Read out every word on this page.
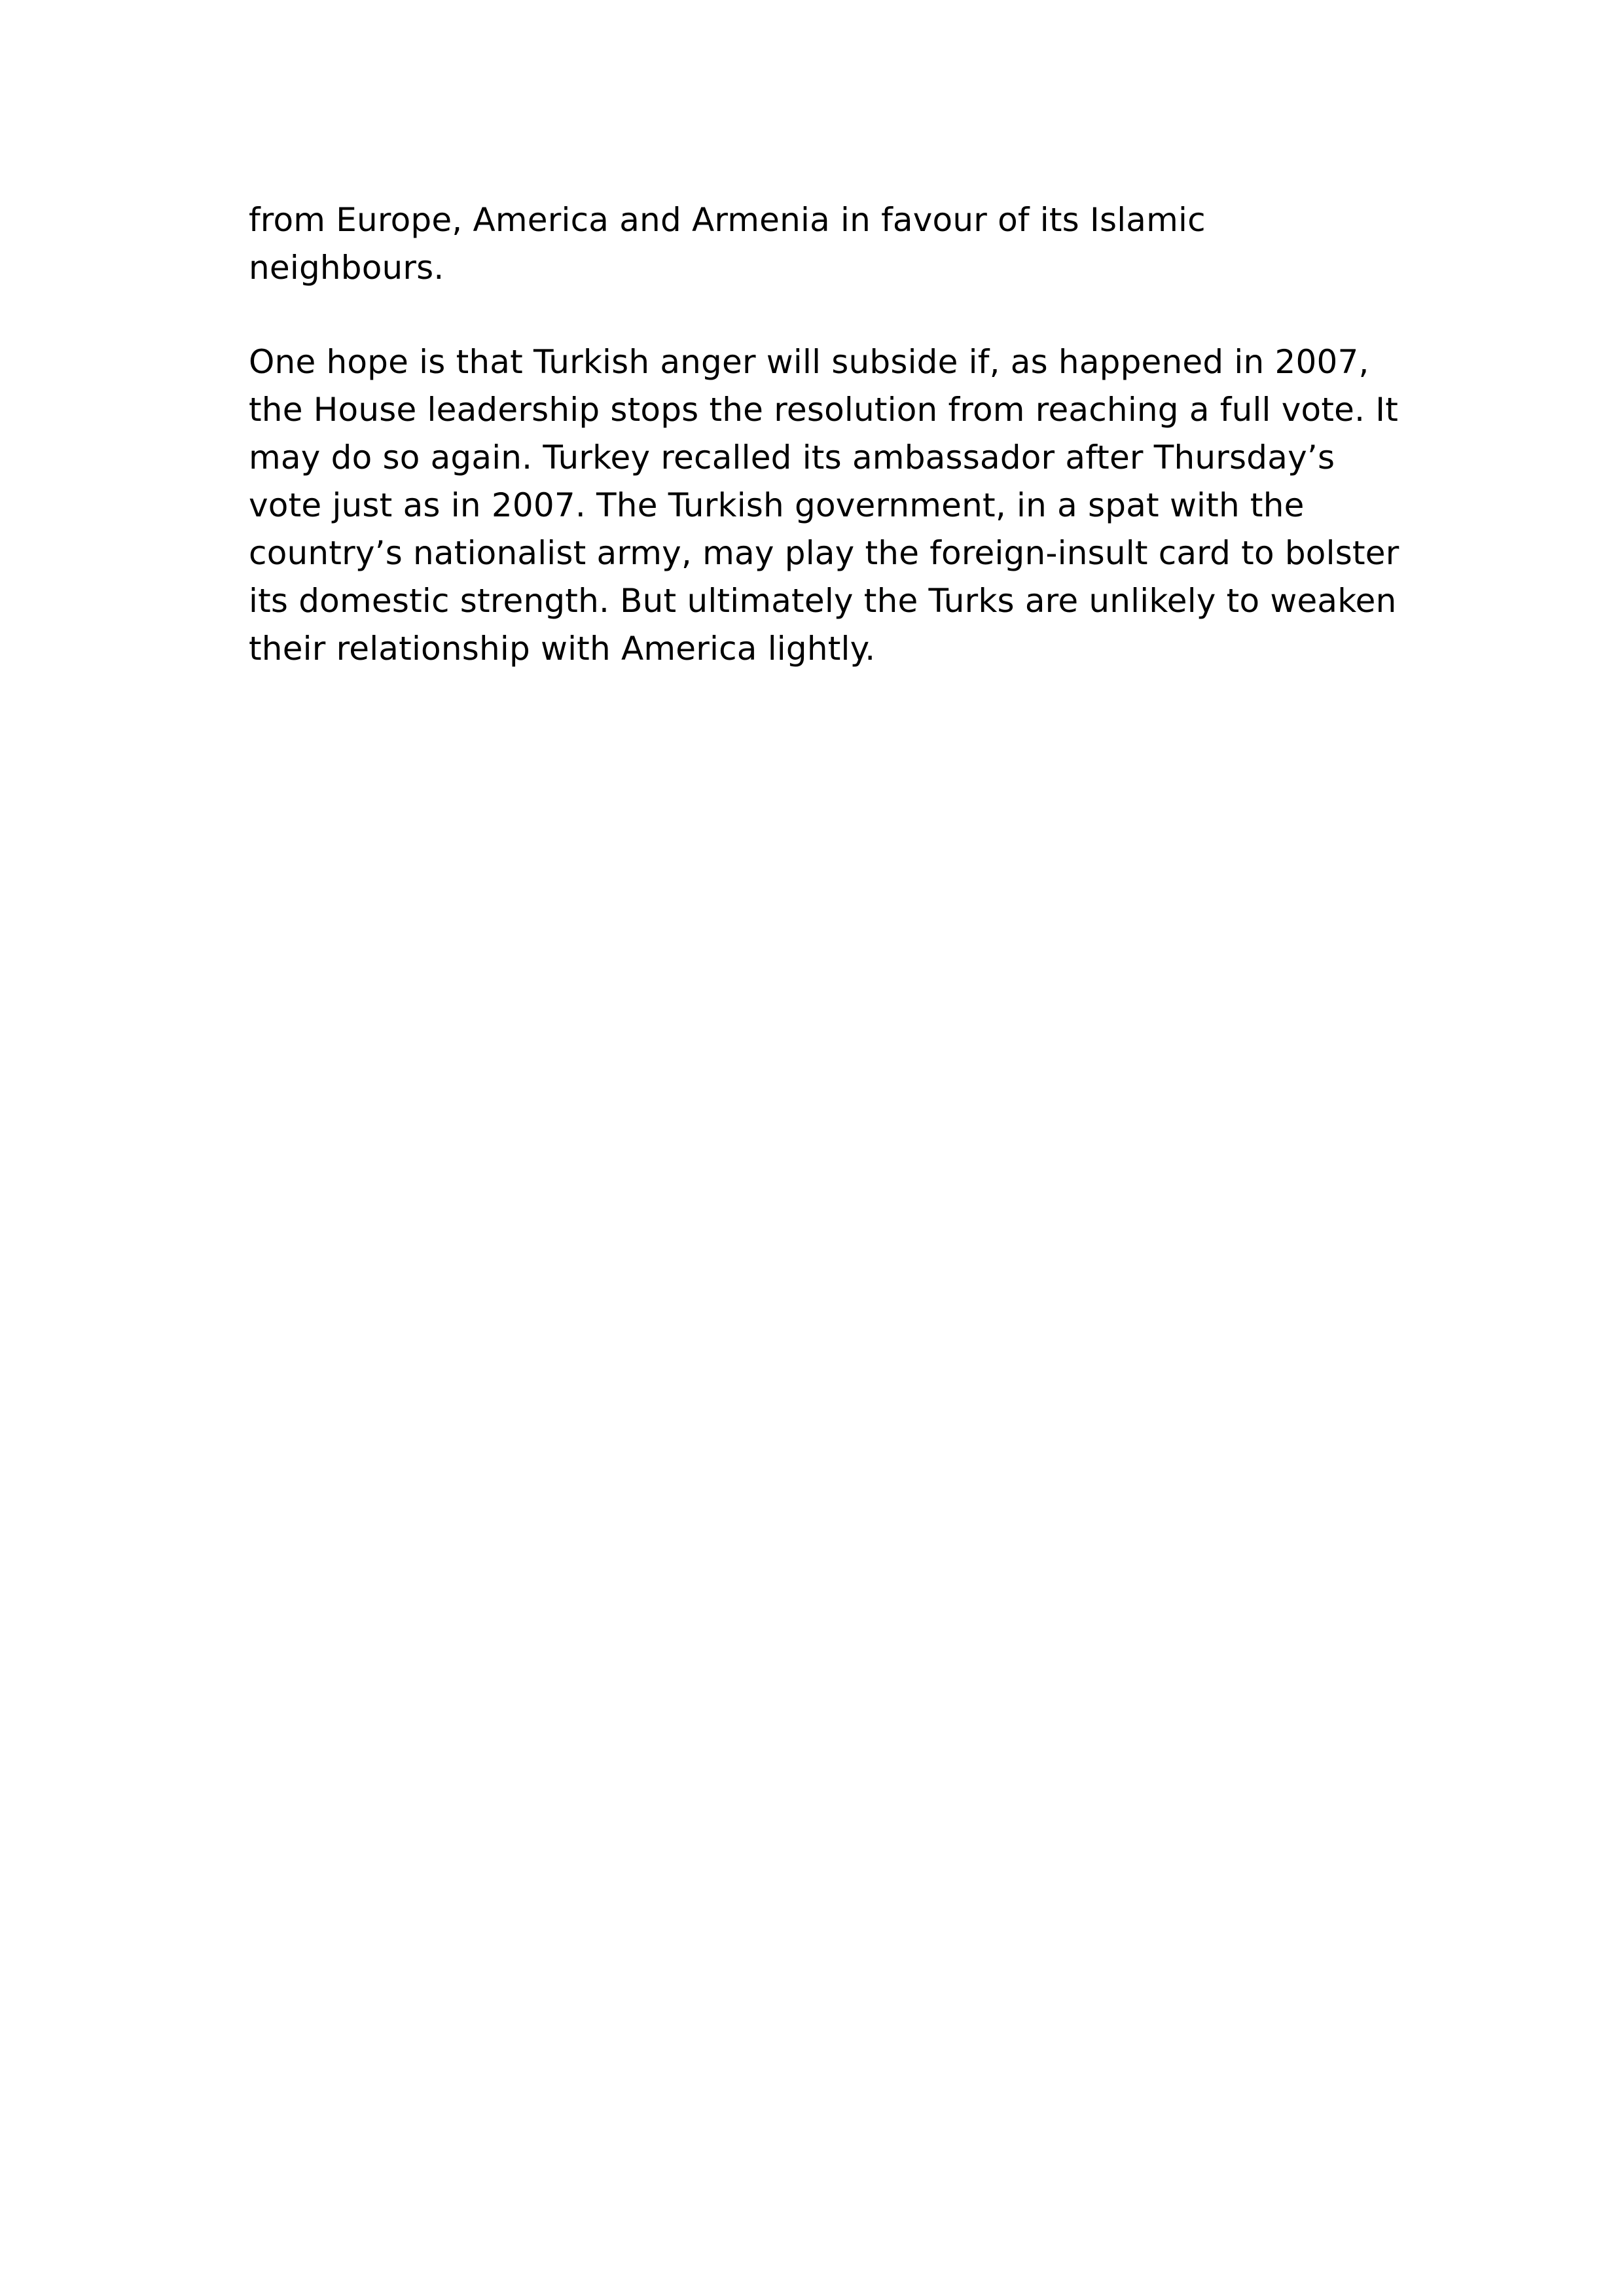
from Europe, America and Armenia in favour of its Islamic
neighbours.
One hope is that Turkish anger will subside if, as happened in 2007,
the House leadership stops the resolution from reaching a full vote. It
may do so again. Turkey recalled its ambassador after Thursday’s
vote just as in 2007. The Turkish government, in a spat with the
country’s nationalist army, may play the foreign-insult card to bolster
its domestic strength. But ultimately the Turks are unlikely to weaken
their relationship with America lightly.
